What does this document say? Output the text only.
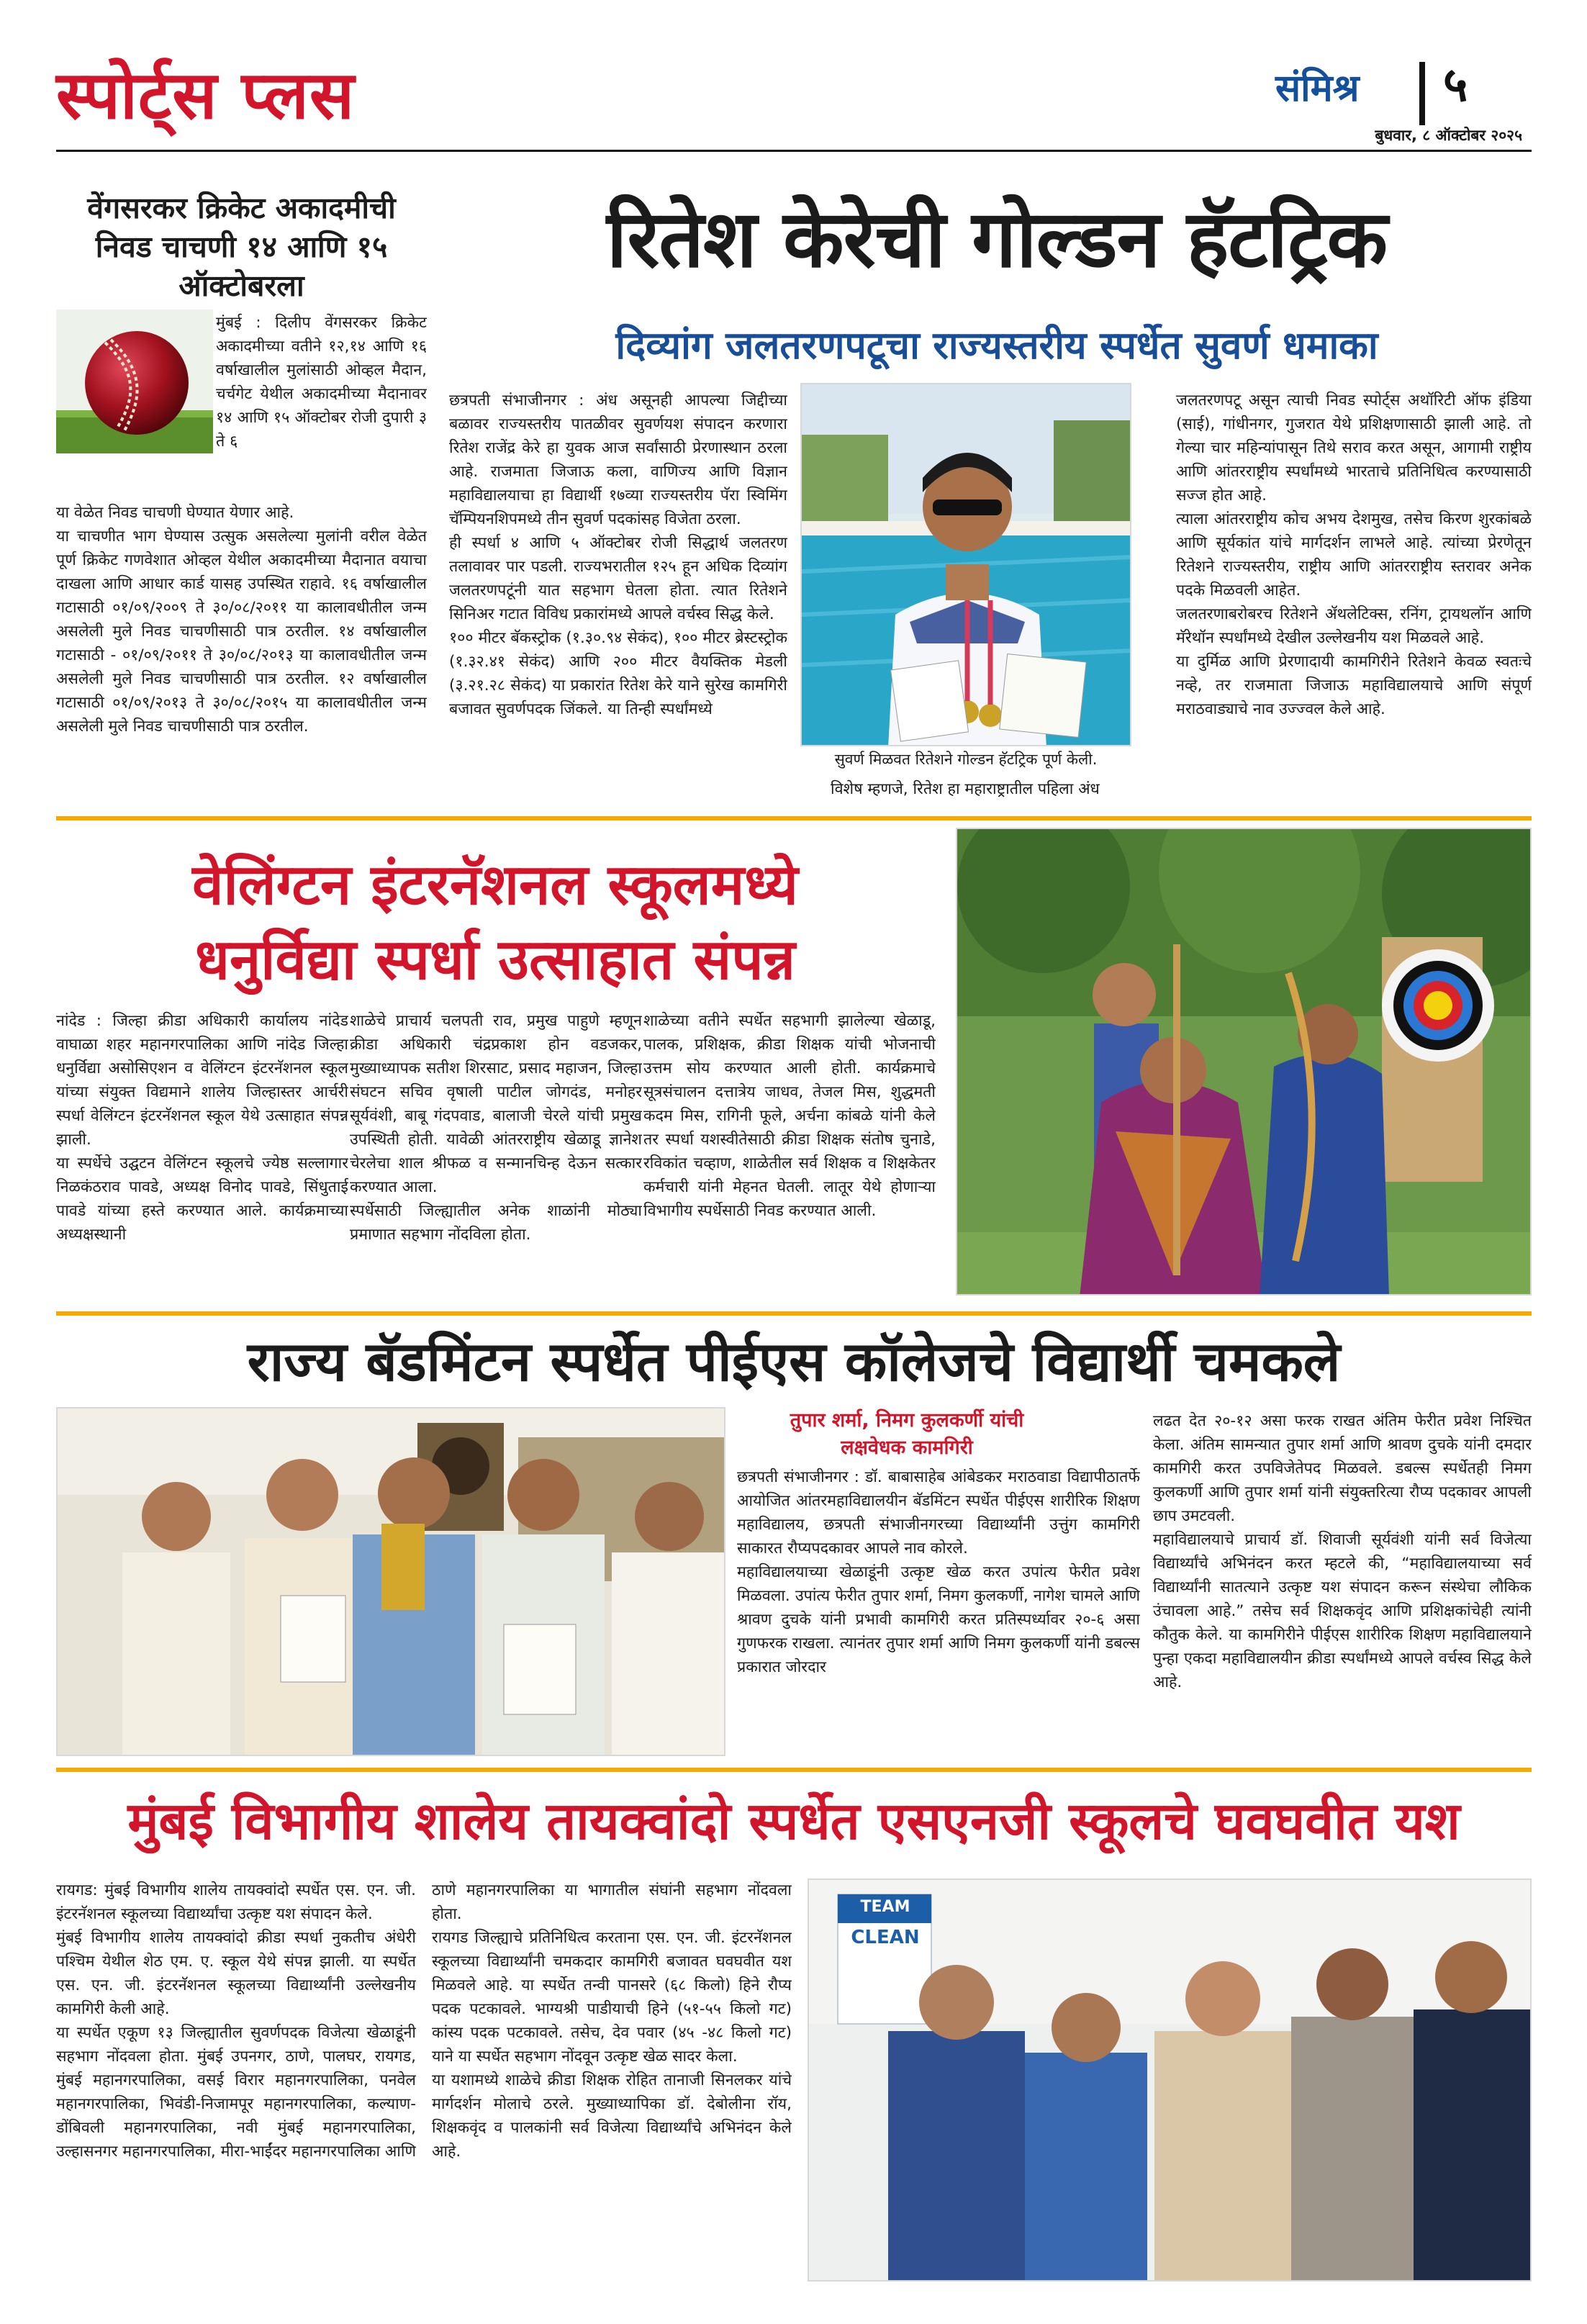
स्पोर्ट्स प्लस	संमिश्र ५
बुधवार, ८ ऑक्टोबर २०२५
वेंगसरकर क्रिकेट अकादमीची निवड चाचणी १४ आणि १५ ऑक्टोबरला
मुंबई : दिलीप वेंगसरकर क्रिकेट अकादमीच्या वतीने १२,१४ आणि १६ वर्षाखालील मुलांसाठी ओव्हल मैदान, चर्चगेट येथील अकादमीच्या मैदानावर १४ आणि १५ ऑक्टोबर रोजी दुपारी ३ ते ६
या वेळेत निवड चाचणी घेण्यात येणार आहे.
या चाचणीत भाग घेण्यास उत्सुक असलेल्या मुलांनी वरील वेळेत पूर्ण क्रिकेट गणवेशात ओव्हल येथील अकादमीच्या मैदानात वयाचा दाखला आणि आधार कार्ड यासह उपस्थित राहावे. १६ वर्षाखालील गटासाठी ०१/०९/२००९ ते ३०/०८/२०११ या कालावधीतील जन्म असलेली मुले निवड चाचणीसाठी पात्र ठरतील. १४ वर्षाखालील गटासाठी - ०१/०९/२०११ ते ३०/०८/२०१३ या कालावधीतील जन्म असलेली मुले निवड चाचणीसाठी पात्र ठरतील. १२ वर्षाखालील गटासाठी ०१/०९/२०१३ ते ३०/०८/२०१५ या कालावधीतील जन्म असलेली मुले निवड चाचणीसाठी पात्र ठरतील.
रितेश केरेची गोल्डन हॅटट्रिक
दिव्यांग जलतरणपटूचा राज्यस्तरीय स्पर्धेत सुवर्ण धमाका
छत्रपती संभाजीनगर : अंध असूनही आपल्या जिद्दीच्या बळावर राज्यस्तरीय पातळीवर सुवर्णयश संपादन करणारा रितेश राजेंद्र केरे हा युवक आज सर्वांसाठी प्रेरणास्थान ठरला आहे. राजमाता जिजाऊ कला, वाणिज्य आणि विज्ञान महाविद्यालयाचा हा विद्यार्थी १७व्या राज्यस्तरीय पॅरा स्विमिंग चॅम्पियनशिपमध्ये तीन सुवर्ण पदकांसह विजेता ठरला.
ही स्पर्धा ४ आणि ५ ऑक्टोबर रोजी सिद्धार्थ जलतरण तलावावर पार पडली. राज्यभरातील १२५ हून अधिक दिव्यांग जलतरणपटूंनी यात सहभाग घेतला होता. त्यात रितेशने सिनिअर गटात विविध प्रकारांमध्ये आपले वर्चस्व सिद्ध केले.
१०० मीटर बॅकस्ट्रोक (१.३०.९४ सेकंद), १०० मीटर ब्रेस्टस्ट्रोक (१.३२.४१ सेकंद) आणि २०० मीटर वैयक्तिक मेडली (३.२१.२८ सेकंद) या प्रकारांत रितेश केरे याने सुरेख कामगिरी बजावत सुवर्णपदक जिंकले. या तिन्ही स्पर्धांमध्ये
सुवर्ण मिळवत रितेशने गोल्डन हॅटट्रिक पूर्ण केली.
विशेष म्हणजे, रितेश हा महाराष्ट्रातील पहिला अंध
जलतरणपटू असून त्याची निवड स्पोर्ट्स अथॉरिटी ऑफ इंडिया (साई), गांधीनगर, गुजरात येथे प्रशिक्षणासाठी झाली आहे. तो गेल्या चार महिन्यांपासून तिथे सराव करत असून, आगामी राष्ट्रीय आणि आंतरराष्ट्रीय स्पर्धांमध्ये भारताचे प्रतिनिधित्व करण्यासाठी सज्ज होत आहे.
त्याला आंतरराष्ट्रीय कोच अभय देशमुख, तसेच किरण शुरकांबळे आणि सूर्यकांत यांचे मार्गदर्शन लाभले आहे. त्यांच्या प्रेरणेतून रितेशने राज्यस्तरीय, राष्ट्रीय आणि आंतरराष्ट्रीय स्तरावर अनेक पदके मिळवली आहेत.
जलतरणाबरोबरच रितेशने ॲथलेटिक्स, रनिंग, ट्रायथलॉन आणि मॅरेथॉन स्पर्धांमध्ये देखील उल्लेखनीय यश मिळवले आहे.
या दुर्मिळ आणि प्रेरणादायी कामगिरीने रितेशने केवळ स्वतःचे नव्हे, तर राजमाता जिजाऊ महाविद्यालयाचे आणि संपूर्ण मराठवाड्याचे नाव उज्ज्वल केले आहे.
वेलिंग्टन इंटरनॅशनल स्कूलमध्ये
धनुर्विद्या स्पर्धा उत्साहात संपन्न
नांदेड : जिल्हा क्रीडा अधिकारी कार्यालय नांदेड वाघाळा शहर महानगरपालिका आणि नांदेड जिल्हा धनुर्विद्या असोसिएशन व वेलिंग्टन इंटरनॅशनल स्कूल यांच्या संयुक्त विद्यमाने शालेय जिल्हास्तर आर्चरी स्पर्धा वेलिंग्टन इंटरनॅशनल स्कूल येथे उत्साहात संपन्न झाली.
या स्पर्धेचे उद्घटन वेलिंग्टन स्कूलचे ज्येष्ठ सल्लागार निळकंठराव पावडे, अध्यक्ष विनोद पावडे, सिंधुताई पावडे यांच्या हस्ते करण्यात आले. कार्यक्रमाच्या अध्यक्षस्थानी
शाळेचे प्राचार्य चलपती राव, प्रमुख पाहुणे म्हणून क्रीडा अधिकारी चंद्रप्रकाश होन वडजकर, मुख्याध्यापक सतीश शिरसाट, प्रसाद महाजन, जिल्हा संघटन सचिव वृषाली पाटील जोगदंड, मनोहर सूर्यवंशी, बाबू गंदपवाड, बालाजी चेरले यांची प्रमुख उपस्थिती होती. यावेळी आंतरराष्ट्रीय खेळाडू ज्ञानेश चेरलेचा शाल श्रीफळ व सन्मानचिन्ह देऊन सत्कार करण्यात आला.
स्पर्धेसाठी जिल्ह्यातील अनेक शाळांनी मोठ्या प्रमाणात सहभाग नोंदविला होता.
शाळेच्या वतीने स्पर्धेत सहभागी झालेल्या खेळाडू, पालक, प्रशिक्षक, क्रीडा शिक्षक यांची भोजनाची उत्तम सोय करण्यात आली होती. कार्यक्रमाचे सूत्रसंचालन दत्तात्रेय जाधव, तेजल मिस, शुद्धमती कदम मिस, रागिनी फूले, अर्चना कांबळे यांनी केले तर स्पर्धा यशस्वीतेसाठी क्रीडा शिक्षक संतोष चुनाडे, रविकांत चव्हाण, शाळेतील सर्व शिक्षक व शिक्षकेतर कर्मचारी यांनी मेहनत घेतली. लातूर येथे होणाऱ्या विभागीय स्पर्धेसाठी निवड करण्यात आली.
राज्य बॅडमिंटन स्पर्धेत पीईएस कॉलेजचे विद्यार्थी चमकले
तुपार शर्मा, निमग कुलकर्णी यांची लक्षवेधक कामगिरी
छत्रपती संभाजीनगर : डॉ. बाबासाहेब आंबेडकर मराठवाडा विद्यापीठातर्फे आयोजित आंतरमहाविद्यालयीन बॅडमिंटन स्पर्धेत पीईएस शारीरिक शिक्षण महाविद्यालय, छत्रपती संभाजीनगरच्या विद्यार्थ्यांनी उत्तुंग कामगिरी साकारत रौप्यपदकावर आपले नाव कोरले.
महाविद्यालयाच्या खेळाडूंनी उत्कृष्ट खेळ करत उपांत्य फेरीत प्रवेश मिळवला. उपांत्य फेरीत तुपार शर्मा, निमग कुलकर्णी, नागेश चामले आणि श्रावण दुचके यांनी प्रभावी कामगिरी करत प्रतिस्पर्ध्यावर २०-६ असा गुणफरक राखला. त्यानंतर तुपार शर्मा आणि निमग कुलकर्णी यांनी डबल्स प्रकारात जोरदार
लढत देत २०-१२ असा फरक राखत अंतिम फेरीत प्रवेश निश्चित केला. अंतिम सामन्यात तुपार शर्मा आणि श्रावण दुचके यांनी दमदार कामगिरी करत उपविजेतेपद मिळवले. डबल्स स्पर्धेतही निमग कुलकर्णी आणि तुपार शर्मा यांनी संयुक्तरित्या रौप्य पदकावर आपली छाप उमटवली.
महाविद्यालयाचे प्राचार्य डॉ. शिवाजी सूर्यवंशी यांनी सर्व विजेत्या विद्यार्थ्यांचे अभिनंदन करत म्हटले की, “महाविद्यालयाच्या सर्व विद्यार्थ्यांनी सातत्याने उत्कृष्ट यश संपादन करून संस्थेचा लौकिक उंचावला आहे.” तसेच सर्व शिक्षकवृंद आणि प्रशिक्षकांचेही त्यांनी कौतुक केले. या कामगिरीने पीईएस शारीरिक शिक्षण महाविद्यालयाने पुन्हा एकदा महाविद्यालयीन क्रीडा स्पर्धांमध्ये आपले वर्चस्व सिद्ध केले आहे.
मुंबई विभागीय शालेय तायक्वांदो स्पर्धेत एसएनजी स्कूलचे घवघवीत यश
रायगड: मुंबई विभागीय शालेय तायक्वांदो स्पर्धेत एस. एन. जी. इंटरनॅशनल स्कूलच्या विद्यार्थ्यांचा उत्कृष्ट यश संपादन केले.
मुंबई विभागीय शालेय तायक्वांदो क्रीडा स्पर्धा नुकतीच अंधेरी पश्चिम येथील शेठ एम. ए. स्कूल येथे संपन्न झाली. या स्पर्धेत एस. एन. जी. इंटरनॅशनल स्कूलच्या विद्यार्थ्यांनी उल्लेखनीय कामगिरी केली आहे.
या स्पर्धेत एकूण १३ जिल्ह्यातील सुवर्णपदक विजेत्या खेळाडूंनी सहभाग नोंदवला होता. मुंबई उपनगर, ठाणे, पालघर, रायगड, मुंबई महानगरपालिका, वसई विरार महानगरपालिका, पनवेल महानगरपालिका, भिवंडी-निजामपूर महानगरपालिका, कल्याण-डोंबिवली महानगरपालिका, नवी मुंबई महानगरपालिका, उल्हासनगर महानगरपालिका, मीरा-भाईंदर महानगरपालिका आणि
ठाणे महानगरपालिका या भागातील संघांनी सहभाग नोंदवला होता.
रायगड जिल्ह्याचे प्रतिनिधित्व करताना एस. एन. जी. इंटरनॅशनल स्कूलच्या विद्यार्थ्यांनी चमकदार कामगिरी बजावत घवघवीत यश मिळवले आहे. या स्पर्धेत तन्वी पानसरे (६८ किलो) हिने रौप्य पदक पटकावले. भाग्यश्री पाडीयाची हिने (५१-५५ किलो गट) कांस्य पदक पटकावले. तसेच, देव पवार (४५ -४८ किलो गट) याने या स्पर्धेत सहभाग नोंदवून उत्कृष्ट खेळ सादर केला.
या यशामध्ये शाळेचे क्रीडा शिक्षक रोहित तानाजी सिनलकर यांचे मार्गदर्शन मोलाचे ठरले. मुख्याध्यापिका डॉ. देबोलीना रॉय, शिक्षकवृंद व पालकांनी सर्व विजेत्या विद्यार्थ्यांचे अभिनंदन केले आहे.
TEAM
CLEAN
